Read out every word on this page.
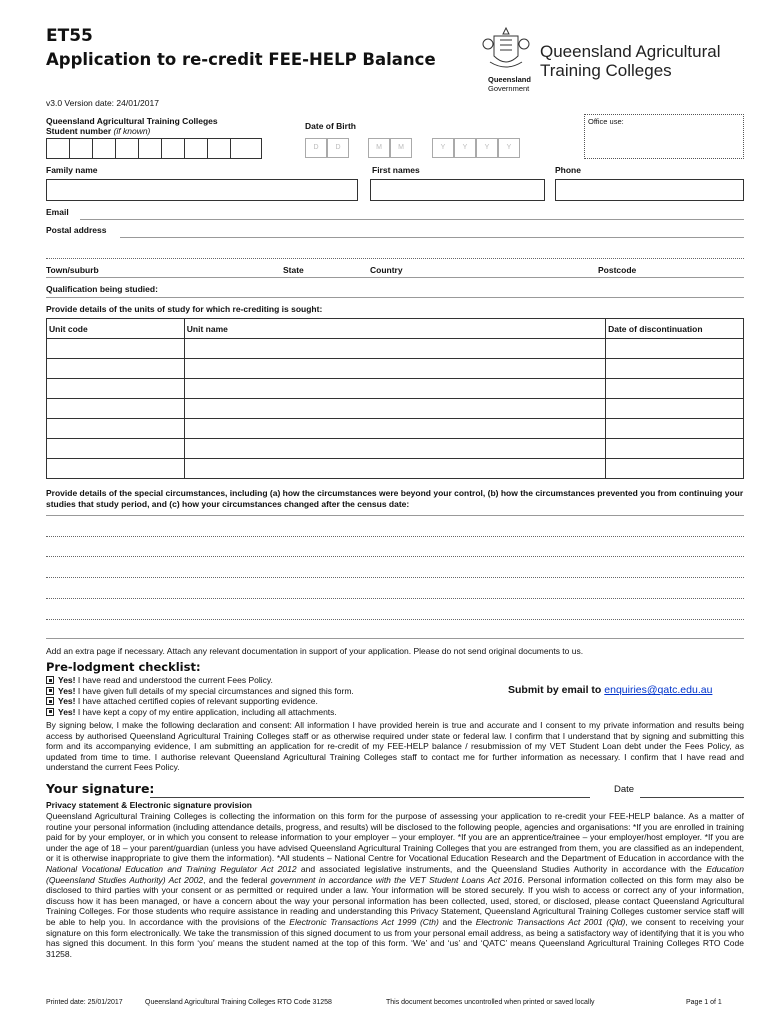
ET55
Application to re-credit FEE-HELP Balance
Queensland
Government
Queensland Agricultural
Training Colleges
v3.0 Version date: 24/01/2017
Queensland Agricultural Training Colleges
Student number (if known)	Date of Birth
D	D	M	M	Y	Y	Y	Y
Office use:
Family name	First names	Phone
Email
Postal address
Town/suburb	State	Country	Postcode
Qualification being studied:
Provide details of the units of study for which re-crediting is sought:
Unit code	Unit name	Date of discontinuation

Provide details of the special circumstances, including (a) how the circumstances were beyond your control, (b) how the circumstances prevented you from continuing your studies that study period, and (c) how your circumstances changed after the census date:
Add an extra page if necessary. Attach any relevant documentation in support of your application. Please do not send original documents to us.
Pre-lodgment checklist:
Yes! I have read and understood the current Fees Policy.
Yes! I have given full details of my special circumstances and signed this form.
Yes! I have attached certified copies of relevant supporting evidence.
Yes! I have kept a copy of my entire application, including all attachments.
Submit by email to enquiries@qatc.edu.au
By signing below, I make the following declaration and consent: All information I have provided herein is true and accurate and I consent to my private information and results being access by authorised Queensland Agricultural Training Colleges staff or as otherwise required under state or federal law. I confirm that I understand that by signing and submitting this form and its accompanying evidence, I am submitting an application for re-credit of my FEE-HELP balance / resubmission of my VET Student Loan debt under the Fees Policy, as updated from time to time. I authorise relevant Queensland Agricultural Training Colleges staff to contact me for further information as necessary. I confirm that I have read and understand the current Fees Policy.
Your signature:	Date
Privacy statement & Electronic signature provision
Queensland Agricultural Training Colleges is collecting the information on this form for the purpose of assessing your application to re-credit your FEE-HELP balance. As a matter of routine your personal information (including attendance details, progress, and results) will be disclosed to the following people, agencies and organisations: *If you are enrolled in training paid for by your employer, or in which you consent to release information to your employer – your employer. *If you are an apprentice/trainee – your employer/host employer. *If you are under the age of 18 – your parent/guardian (unless you have advised Queensland Agricultural Training Colleges that you are estranged from them, you are classified as an independent, or it is otherwise inappropriate to give them the information). *All students – National Centre for Vocational Education Research and the Department of Education in accordance with the National Vocational Education and Training Regulator Act 2012 and associated legislative instruments, and the Queensland Studies Authority in accordance with the Education (Queensland Studies Authority) Act 2002, and the federal government in accordance with the VET Student Loans Act 2016. Personal information collected on this form may also be disclosed to third parties with your consent or as permitted or required under a law. Your information will be stored securely. If you wish to access or correct any of your information, discuss how it has been managed, or have a concern about the way your personal information has been collected, used, stored, or disclosed, please contact Queensland Agricultural Training Colleges. For those students who require assistance in reading and understanding this Privacy Statement, Queensland Agricultural Training Colleges customer service staff will be able to help you. In accordance with the provisions of the Electronic Transactions Act 1999 (Cth) and the Electronic Transactions Act 2001 (Qld), we consent to receiving your signature on this form electronically. We take the transmission of this signed document to us from your personal email address, as being a satisfactory way of identifying that it is you who has signed this document. In this form ‘you’ means the student named at the top of this form. ‘We’ and ‘us’ and ‘QATC’ means Queensland Agricultural Training Colleges RTO Code 31258.
Printed date: 25/01/2017	Queensland Agricultural Training Colleges RTO Code 31258	This document becomes uncontrolled when printed or saved locally	Page 1 of 1
